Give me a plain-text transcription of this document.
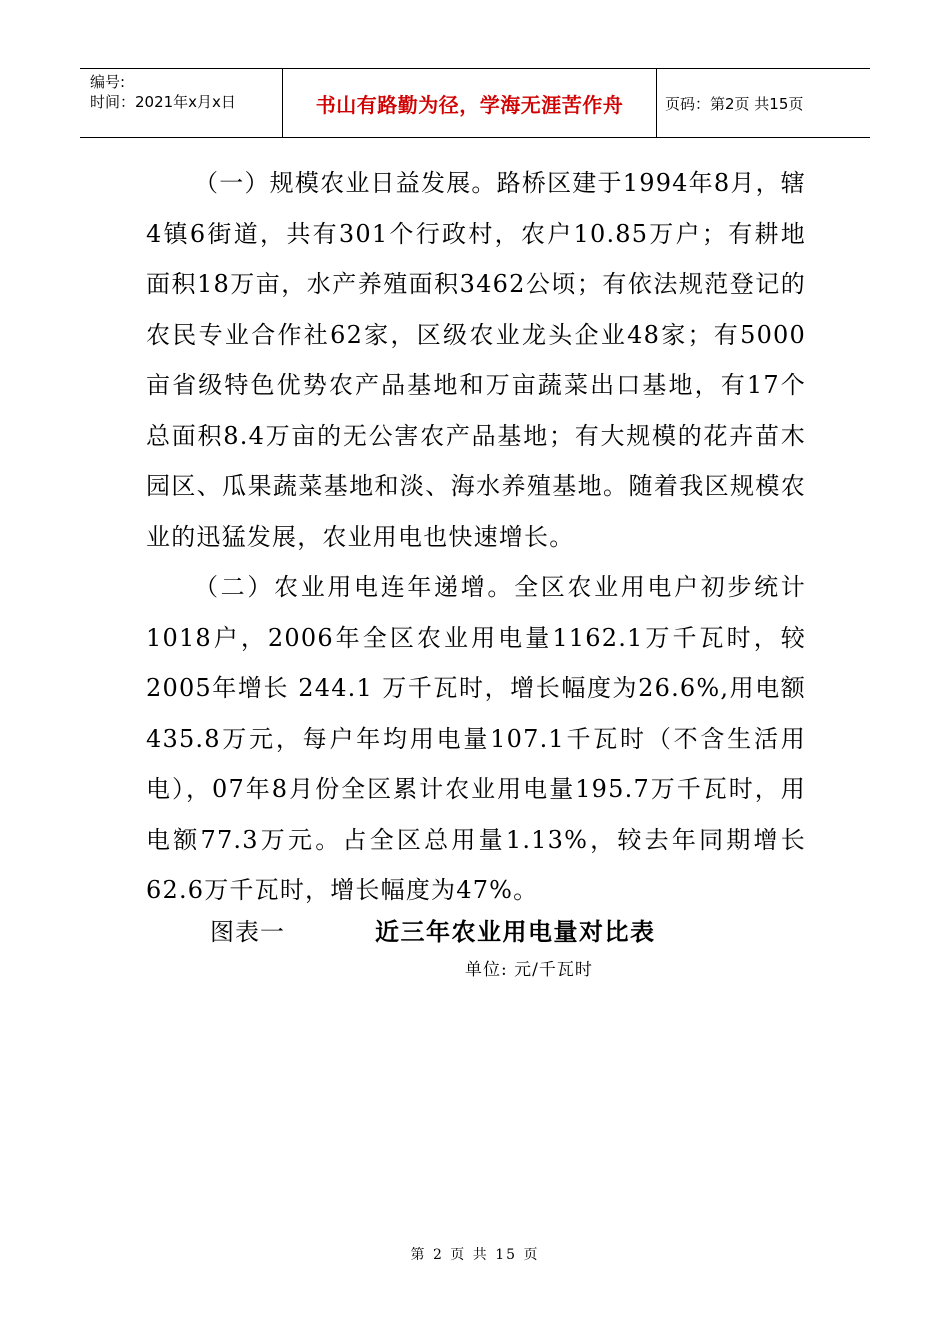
编号:
时间：2021年x月x日	书山有路勤为径，学海无涯苦作舟	页码：第2页 共15页

（一）规模农业日益发展。路桥区建于1994年8月，辖4镇6街道，共有301个行政村，农户10.85万户；有耕地面积18万亩，水产养殖面积3462公顷；有依法规范登记的农民专业合作社62家，区级农业龙头企业48家；有5000亩省级特色优势农产品基地和万亩蔬菜出口基地，有17个总面积8.4万亩的无公害农产品基地；有大规模的花卉苗木园区、瓜果蔬菜基地和淡、海水养殖基地。随着我区规模农业的迅猛发展，农业用电也快速增长。

（二）农业用电连年递增。全区农业用电户初步统计1018户，2006年全区农业用电量1162.1万千瓦时，较2005年增长 244.1 万千瓦时，增长幅度为26.6%,用电额435.8万元，每户年均用电量107.1千瓦时（不含生活用电），07年8月份全区累计农业用电量195.7万千瓦时，用电额77.3万元。占全区总用量1.13%，较去年同期增长62.6万千瓦时，增长幅度为47%。

图表一	近三年农业用电量对比表
单位: 元/千瓦时
第 2 页 共 15 页
